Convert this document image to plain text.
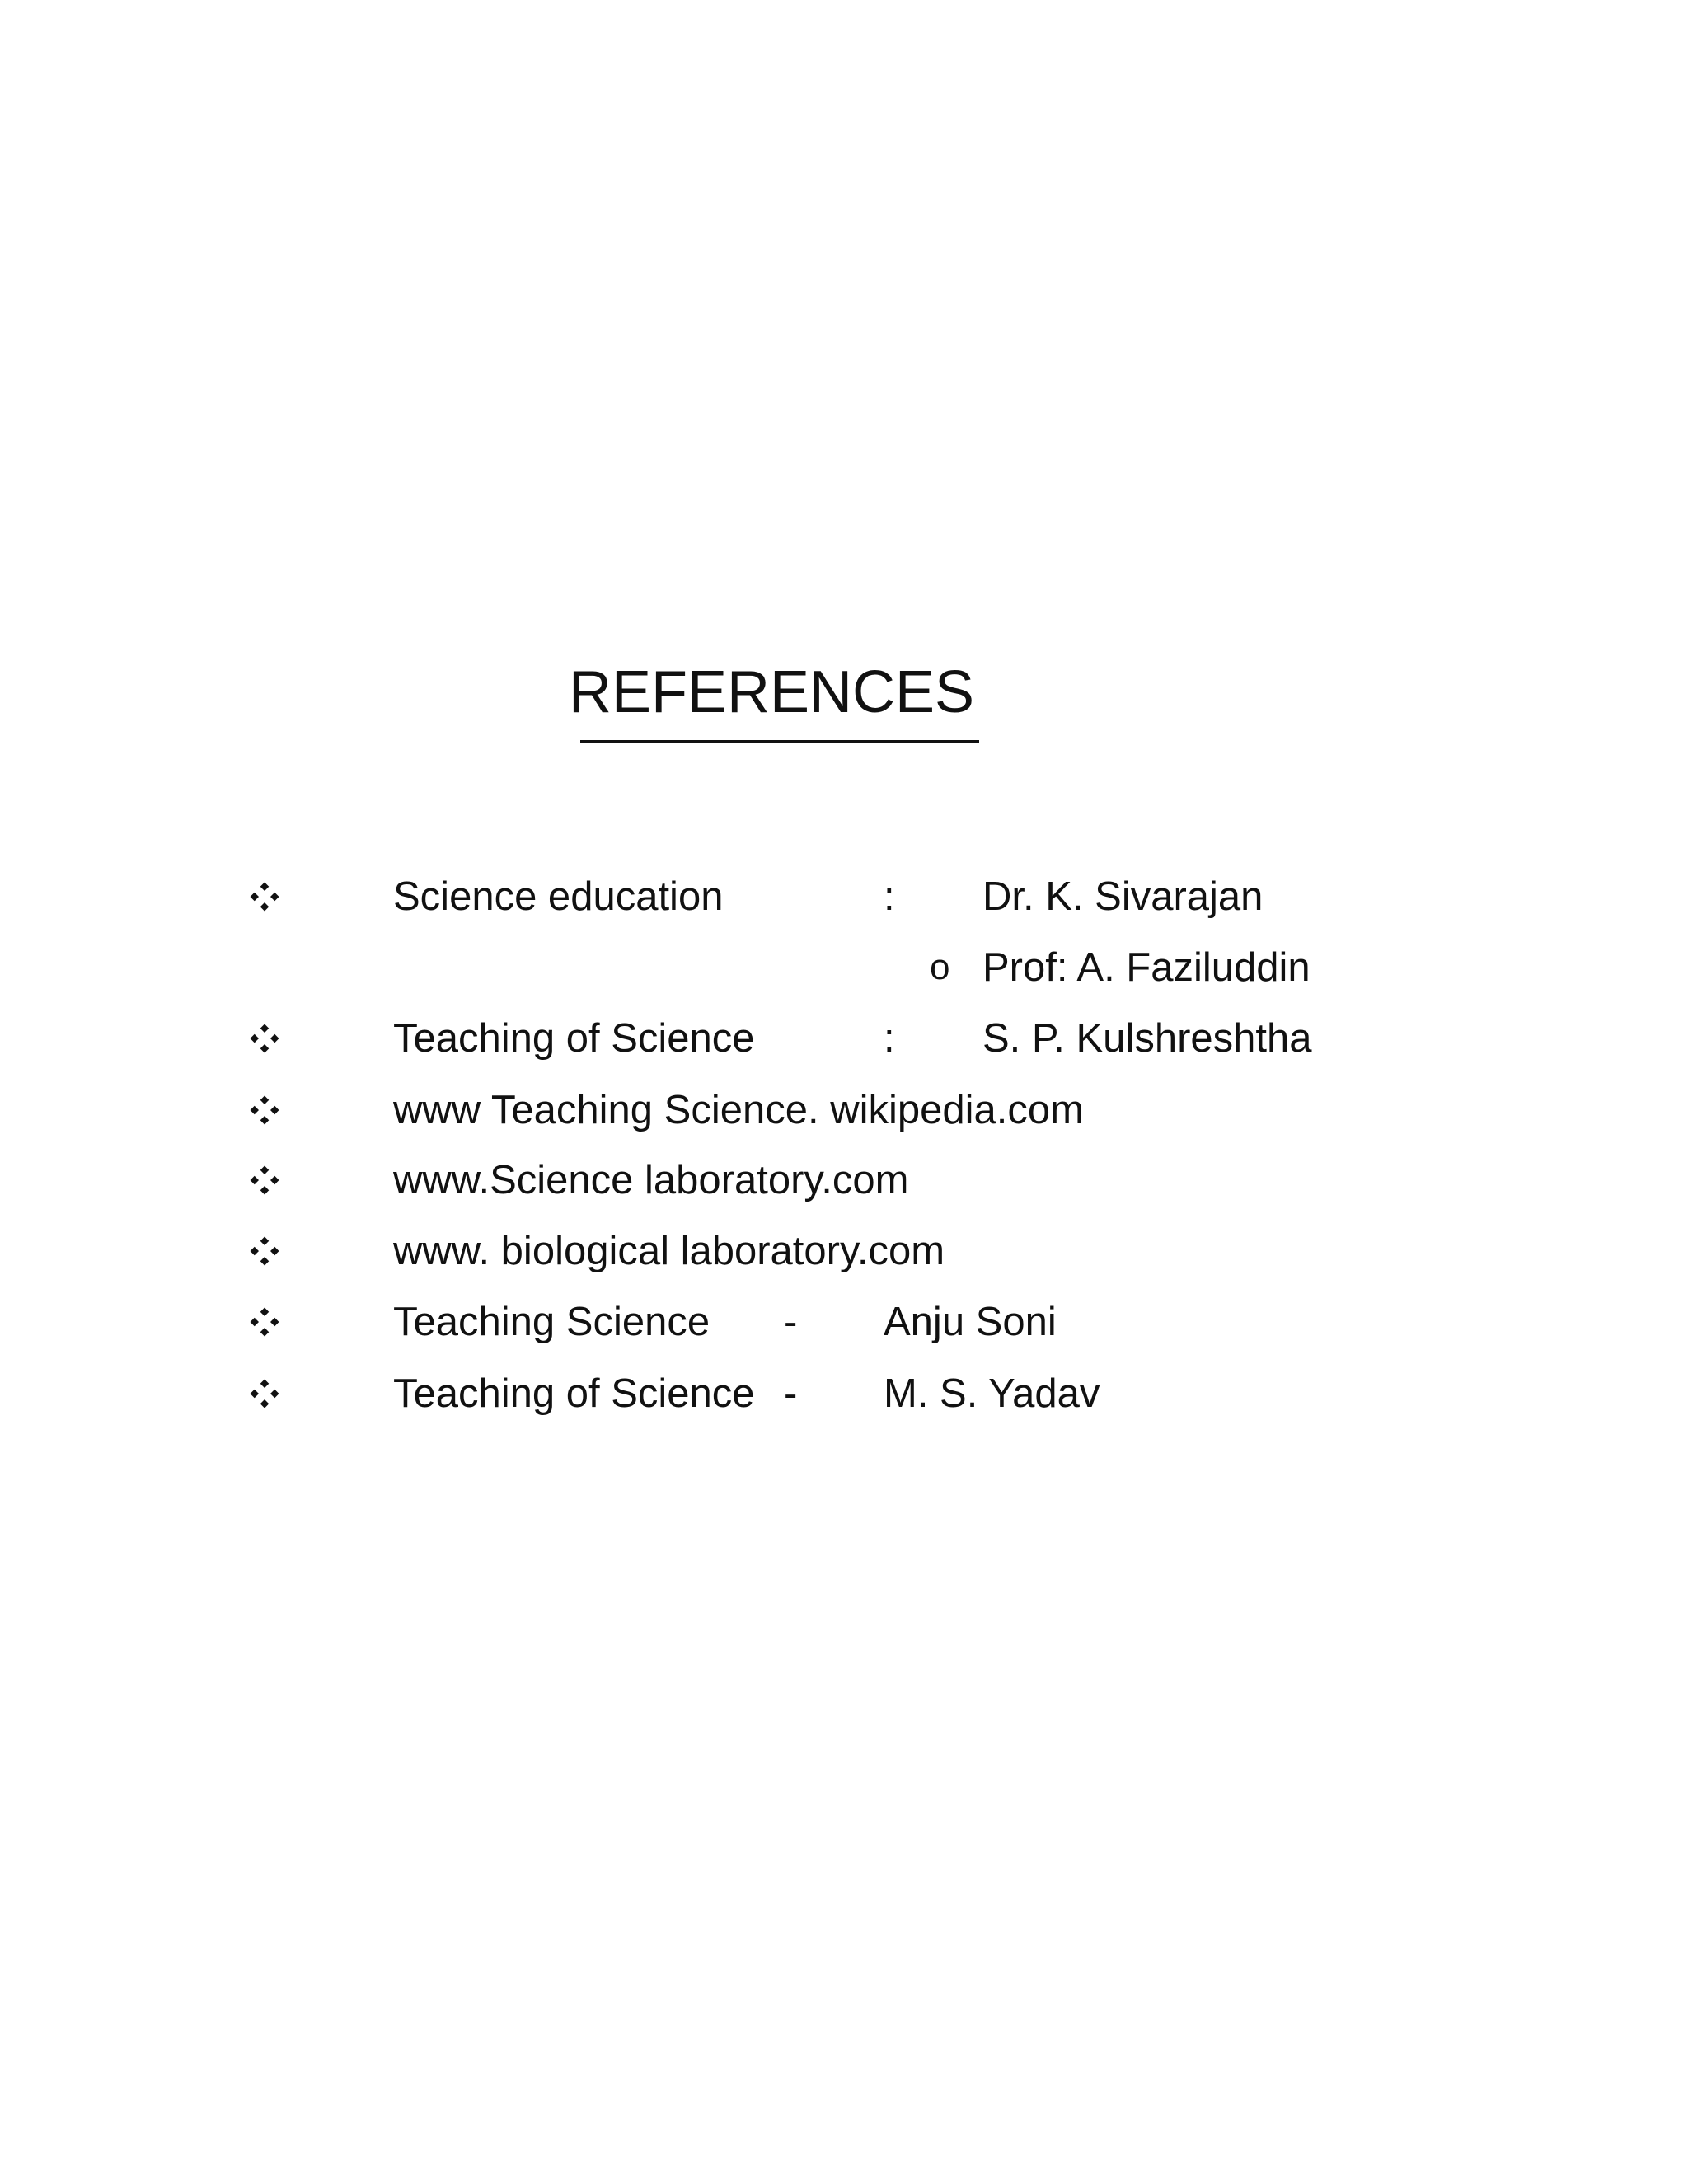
REFERENCES
Science education	: Dr. K. Sivarajan
o Prof: A. Faziluddin
Teaching of Science	: S. P. Kulshreshtha
www Teaching Science. wikipedia.com
www.Science laboratory.com
www. biological laboratory.com
Teaching Science - Anju Soni
Teaching of Science - M. S. Yadav
